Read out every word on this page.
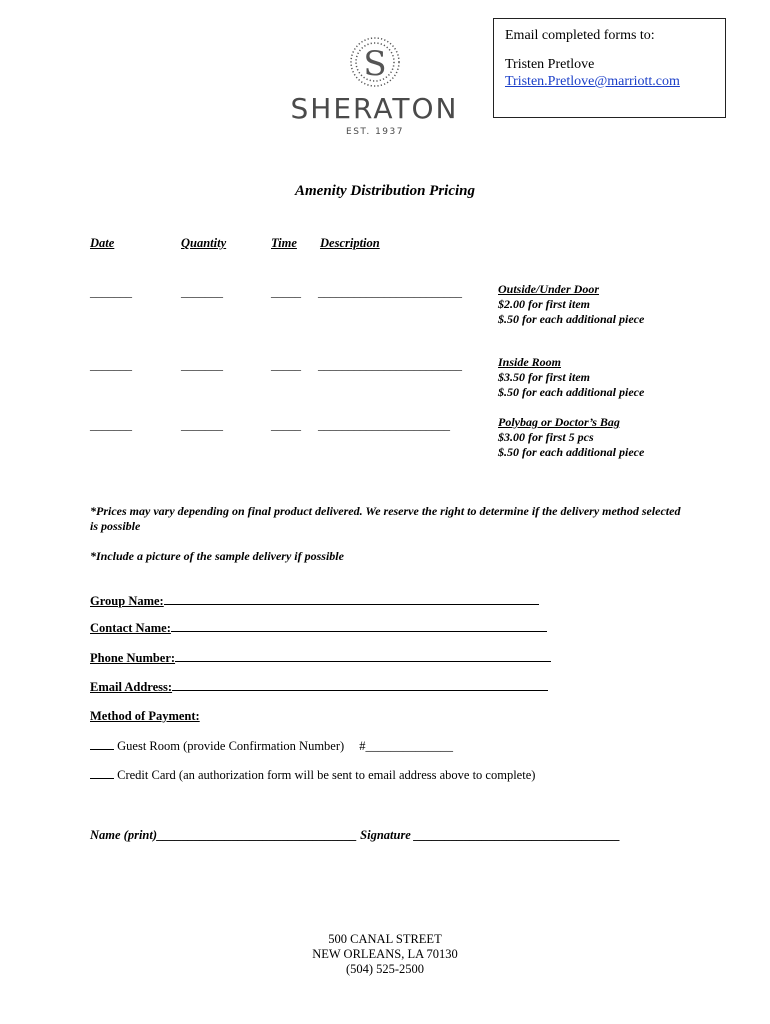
Email completed forms to:
Tristen Pretlove
Tristen.Pretlove@marriott.com
S
SHERATON
EST. 1937
Amenity Distribution Pricing
Date	Quantity	Time Description
_______	_______	_____ ________________________	Outside/Under Door
$2.00 for first item
$.50 for each additional piece
_______	_______	_____ ________________________	Inside Room
$3.50 for first item
$.50 for each additional piece
_______	_______	_____ ______________________	Polybag or Doctor’s Bag
$3.00 for first 5 pcs
$.50 for each additional piece
*Prices may vary depending on final product delivered. We reserve the right to determine if the delivery method selected is possible
*Include a picture of the sample delivery if possible
Group Name:
Contact Name:
Phone Number:
Email Address:
Method of Payment:
Guest Room (provide Confirmation Number) #______________
Credit Card (an authorization form will be sent to email address above to complete)
Name (print)________________________________ Signature _________________________________
500 CANAL STREET
NEW ORLEANS, LA 70130
(504) 525-2500
